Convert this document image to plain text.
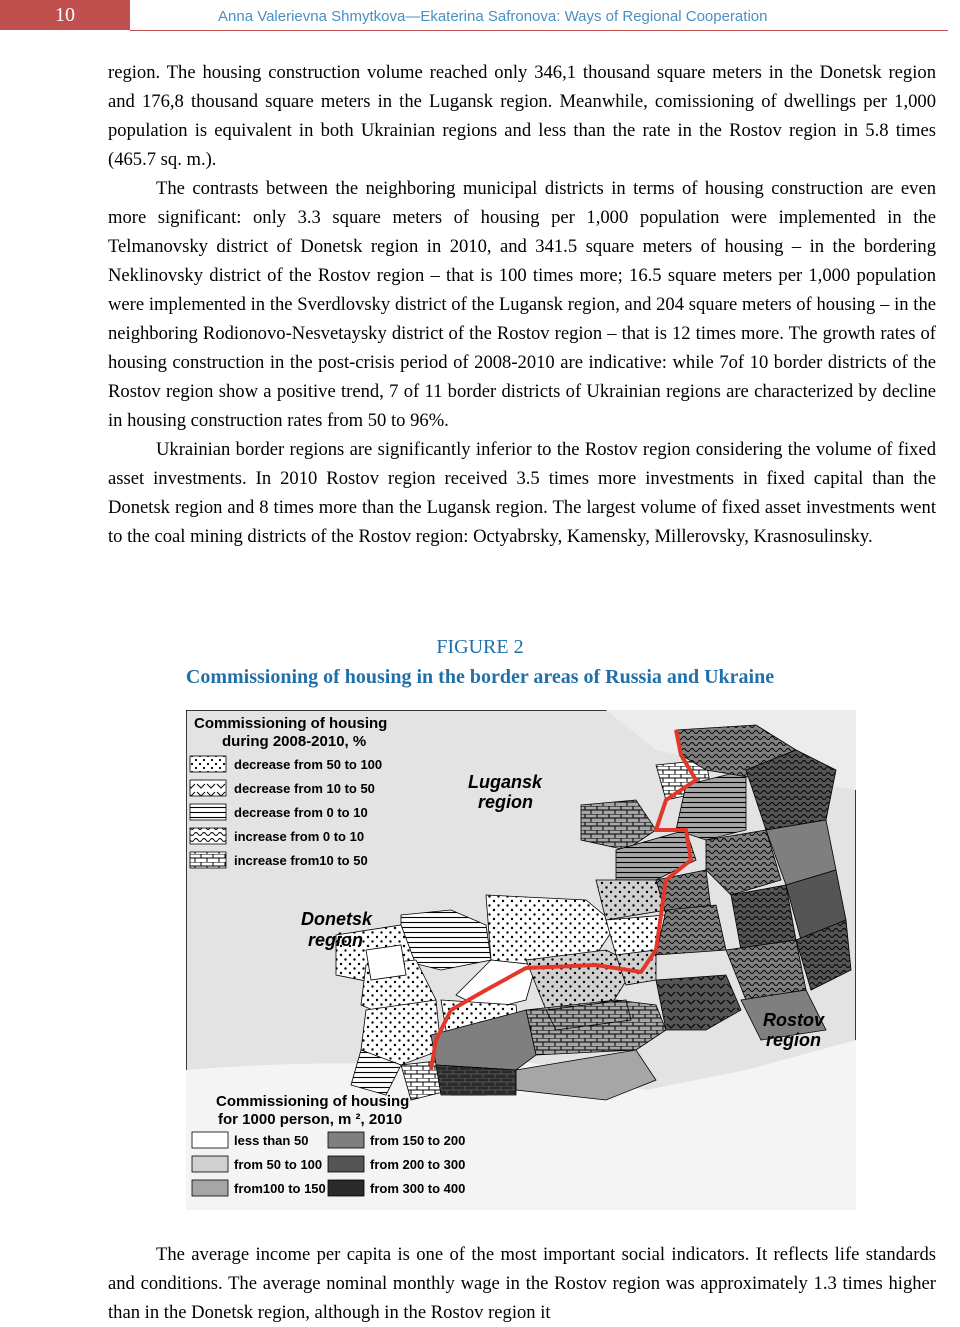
10	Anna Valerievna Shmytkova—Ekaterina Safronova: Ways of Regional Cooperation

region. The housing construction volume reached only 346,1 thousand square meters in the Donetsk region and 176,8 thousand square meters in the Lugansk region. Meanwhile, comissioning of dwellings per 1,000 population is equivalent in both Ukrainian regions and less than the rate in the Rostov region in 5.8 times (465.7 sq. m.).

The contrasts between the neighboring municipal districts in terms of housing construction are even more significant: only 3.3 square meters of housing per 1,000 population were implemented in the Telmanovsky district of Donetsk region in 2010, and 341.5 square meters of housing – in the bordering Neklinovsky district of the Rostov region – that is 100 times more; 16.5 square meters per 1,000 population were implemented in the Sverdlovsky district of the Lugansk region, and 204 square meters of housing – in the neighboring Rodionovo-Nesvetaysky district of the Rostov region – that is 12 times more. The growth rates of housing construction in the post-crisis period of 2008-2010 are indicative: while 7of 10 border districts of the Rostov region show a positive trend, 7 of 11 border districts of Ukrainian regions are characterized by decline in housing construction rates from 50 to 96%.

Ukrainian border regions are significantly inferior to the Rostov region considering the volume of fixed asset investments. In 2010 Rostov region received 3.5 times more investments in fixed capital than the Donetsk region and 8 times more than the Lugansk region. The largest volume of fixed asset investments went to the coal mining districts of the Rostov region: Octyabrsky, Kamensky, Millerovsky, Krasnosulinsky.

FIGURE 2
Commissioning of housing in the border areas of Russia and Ukraine
Lugansk region
Donetsk region
Rostov region
Commissioning of housing
during 2008-2010, %
decrease from 50 to 100
decrease from 10 to 50
decrease from 0 to 10
increase from 0 to 10
increase from10 to 50
Commissioning of housing
for 1000 person, m ², 2010
less than 50
from 50 to 100
from100 to 150
from 150 to 200
from 200 to 300
from 300 to 400

The average income per capita is one of the most important social indicators. It reflects life standards and conditions. The average nominal monthly wage in the Rostov region was approximately 1.3 times higher than in the Donetsk region, although in the Rostov region it
